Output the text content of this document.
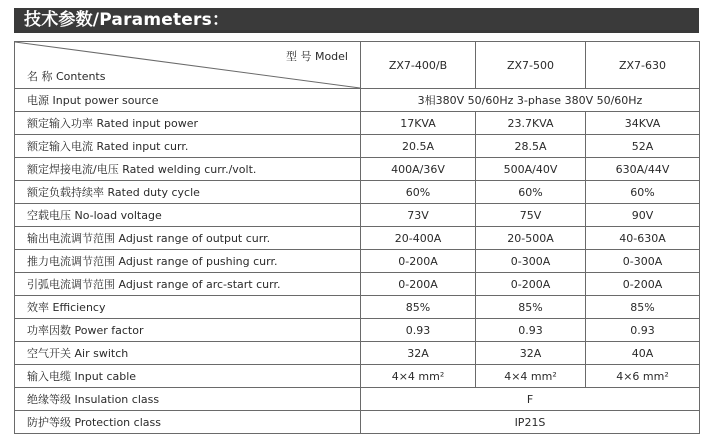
技术参数/Parameters：
型 号 Model
名 称 Contents	ZX7-400/B	ZX7-500	ZX7-630
电源 Input power source	3相380V 50/60Hz 3-phase 380V 50/60Hz		
额定输入功率 Rated input power	17KVA	23.7KVA	34KVA
额定输入电流 Rated input curr.	20.5A	28.5A	52A
额定焊接电流/电压 Rated welding curr./volt.	400A/36V	500A/40V	630A/44V
额定负载持续率 Rated duty cycle	60%	60%	60%
空载电压 No-load voltage	73V	75V	90V
输出电流调节范围 Adjust range of output curr.	20-400A	20-500A	40-630A
推力电流调节范围 Adjust range of pushing curr.	0-200A	0-300A	0-300A
引弧电流调节范围 Adjust range of arc-start curr.	0-200A	0-200A	0-200A
效率 Efficiency	85%	85%	85%
功率因数 Power factor	0.93	0.93	0.93
空气开关 Air switch	32A	32A	40A
输入电缆 Input cable	4×4 mm²	4×4 mm²	4×6 mm²
绝缘等级 Insulation class	F		
防护等级 Protection class	IP21S		
